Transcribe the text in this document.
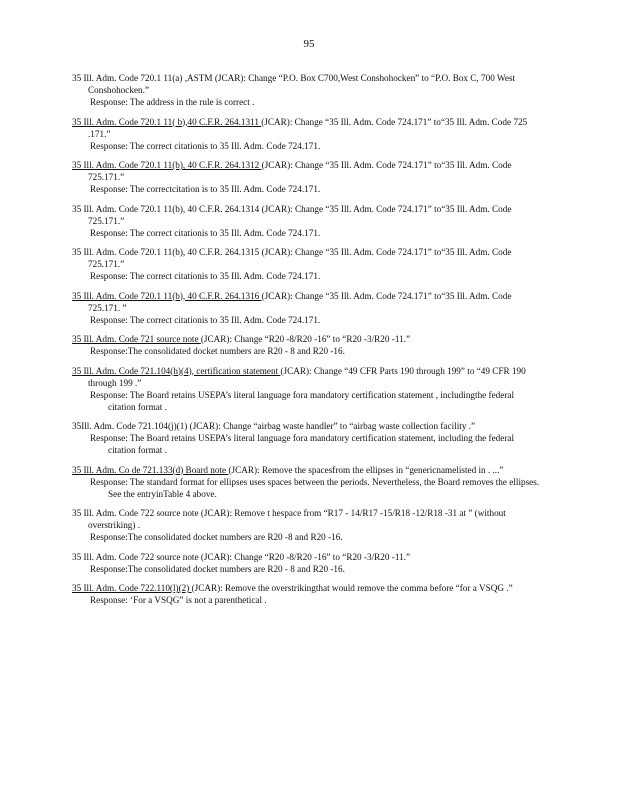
95
35 Ill. Adm. Code 720.1 11(a) ,ASTM (JCAR): Change “P.O. Box C700,West Conshohocken” to “P.O. Box C, 700 West Conshohocken.”
Response: The address in the rule is correct .
35 Ill. Adm. Code 720.1 11( b),40 C.F.R. 264.1311 (JCAR): Change “35 Ill. Adm. Code 724.171” to“35 Ill. Adm. Code 725 .171.”
Response: The correct citationis to 35 Ill. Adm. Code 724.171.
35 Ill. Adm. Code 720.1 11(b), 40 C.F.R. 264.1312 (JCAR): Change “35 Ill. Adm. Code 724.171” to“35 Ill. Adm. Code 725.171.”
Response: The correctcitation is to 35 Ill. Adm. Code 724.171.
35 Ill. Adm. Code 720.1 11(b), 40 C.F.R. 264.1314 (JCAR): Change “35 Ill. Adm. Code 724.171” to“35 Ill. Adm. Code 725.171.”
Response: The correct citationis to 35 Ill. Adm. Code 724.171.
35 Ill. Adm. Code 720.1 11(b), 40 C.F.R. 264.1315 (JCAR): Change “35 Ill. Adm. Code 724.171” to“35 Ill. Adm. Code 725.171.”
Response: The correct citationis to 35 Ill. Adm. Code 724.171.
35 Ill. Adm. Code 720.1 11(b), 40 C.F.R. 264.1316 (JCAR): Change “35 Ill. Adm. Code 724.171” to“35 Ill. Adm. Code 725.171. ”
Response: The correct citationis to 35 Ill. Adm. Code 724.171.
35 Ill. Adm. Code 721 source note (JCAR): Change “R20 -8/R20 -16” to “R20 -3/R20 -11.”
Response:The consolidated docket numbers are R20 - 8 and R20 -16.
35 Ill. Adm. Code 721.104(h)(4), certification statement (JCAR): Change “49 CFR Parts 190 through 199” to “49 CFR 190 through 199 .”
Response: The Board retains USEPA’s literal language fora mandatory certification statement , includingthe federal citation format .
35Ill. Adm. Code 721.104(j)(1) (JCAR): Change “airbag waste handler” to “airbag waste collection facility .”
Response: The Board retains USEPA’s literal language fora mandatory certification statement, including the federal citation format .
35 Ill. Adm. Co de 721.133(d) Board note (JCAR): Remove the spacesfrom the ellipses in “genericnamelisted in . ...”
Response: The standard format for ellipses uses spaces between the periods. Nevertheless, the Board removes the ellipses. See the entryinTable 4 above.
35 Ill. Adm. Code 722 source note (JCAR): Remove t hespace from “R17 - 14/R17 -15/R18 -12/R18 -31 at ” (without overstriking) .
Response:The consolidated docket numbers are R20 -8 and R20 -16.
35 Ill. Adm. Code 722 source note (JCAR): Change “R20 -8/R20 -16” to “R20 -3/R20 -11.”
Response:The consolidated docket numbers are R20 - 8 and R20 -16.
35 Ill. Adm. Code 722.110(l)(2) (JCAR): Remove the overstrikingthat would remove the comma before “for a VSQG .”
Response: ‘For a VSQG” is not a parenthetical .
